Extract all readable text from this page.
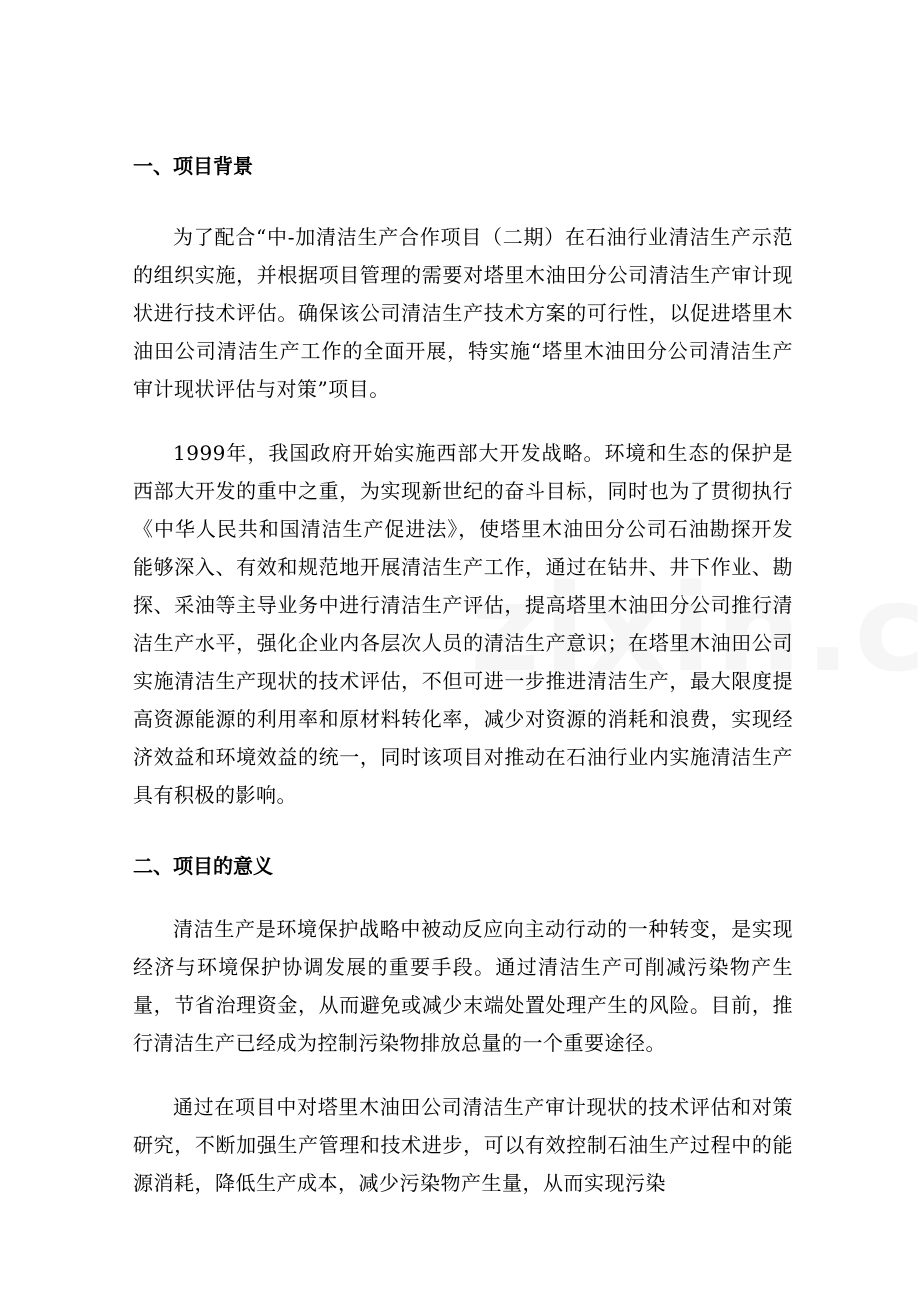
一、项目背景

为了配合“中-加清洁生产合作项目（二期）在石油行业清洁生产示范的组织实施，并根据项目管理的需要对塔里木油田分公司清洁生产审计现状进行技术评估。确保该公司清洁生产技术方案的可行性，以促进塔里木油田公司清洁生产工作的全面开展，特实施“塔里木油田分公司清洁生产审计现状评估与对策”项目。

1999年，我国政府开始实施西部大开发战略。环境和生态的保护是西部大开发的重中之重，为实现新世纪的奋斗目标，同时也为了贯彻执行《中华人民共和国清洁生产促进法》，使塔里木油田分公司石油勘探开发能够深入、有效和规范地开展清洁生产工作，通过在钻井、井下作业、勘探、采油等主导业务中进行清洁生产评估，提高塔里木油田分公司推行清洁生产水平，强化企业内各层次人员的清洁生产意识；在塔里木油田公司实施清洁生产现状的技术评估，不但可进一步推进清洁生产，最大限度提高资源能源的利用率和原材料转化率，减少对资源的消耗和浪费，实现经济效益和环境效益的统一，同时该项目对推动在石油行业内实施清洁生产具有积极的影响。

二、项目的意义

清洁生产是环境保护战略中被动反应向主动行动的一种转变，是实现经济与环境保护协调发展的重要手段。通过清洁生产可削减污染物产生量，节省治理资金，从而避免或减少末端处置处理产生的风险。目前，推行清洁生产已经成为控制污染物排放总量的一个重要途径。

通过在项目中对塔里木油田公司清洁生产审计现状的技术评估和对策研究，不断加强生产管理和技术进步，可以有效控制石油生产过程中的能源消耗，降低生产成本，减少污染物产生量，从而实现污染
